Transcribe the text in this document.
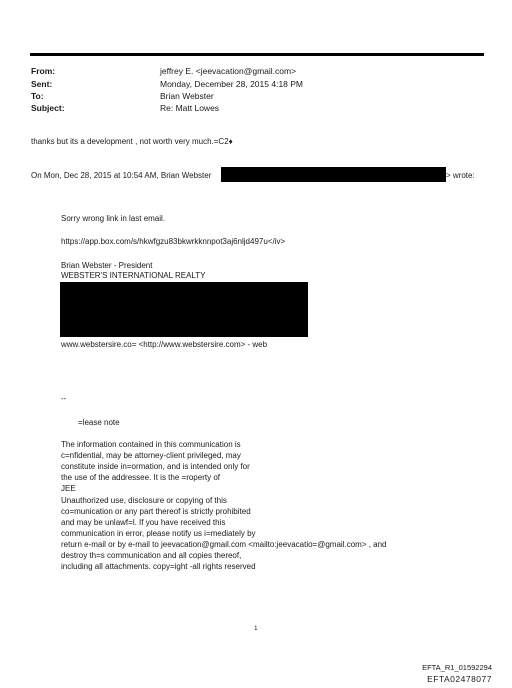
From:	jeffrey E. <jeevacation@gmail.com>
Sent:	Monday, December 28, 2015 4:18 PM
To:	Brian Webster
Subject:	Re: Matt Lowes
thanks but its a development , not worth very much.=C2♦
On Mon, Dec 28, 2015 at 10:54 AM, Brian Webster	> wrote:
Sorry wrong link in last email.
https://app.box.com/s/hkwfgzu83bkwrkknnpot3aj6nljd497u</iv>
Brian Webster - President
WEBSTER'S INTERNATIONAL REALTY
www.webstersire.co= <http://www.webstersire.com> - web
--
=lease note
The information contained in this communication is
c=nfidential, may be attorney-client privileged, may
constitute inside in=ormation, and is intended only for
the use of the addressee. It is the =roperty of
JEE
Unauthorized use, disclosure or copying of this
co=munication or any part thereof is strictly prohibited
and may be unlawf=l. If you have received this
communication in error, please notify us i=mediately by
return e-mail or by e-mail to jeevacation@gmail.com <mailto:jeevacatio=@gmail.com> , and
destroy th=s communication and all copies thereof,
including all attachments. copy=ight -all rights reserved
1
EFTA_R1_01592294
EFTA02478077
